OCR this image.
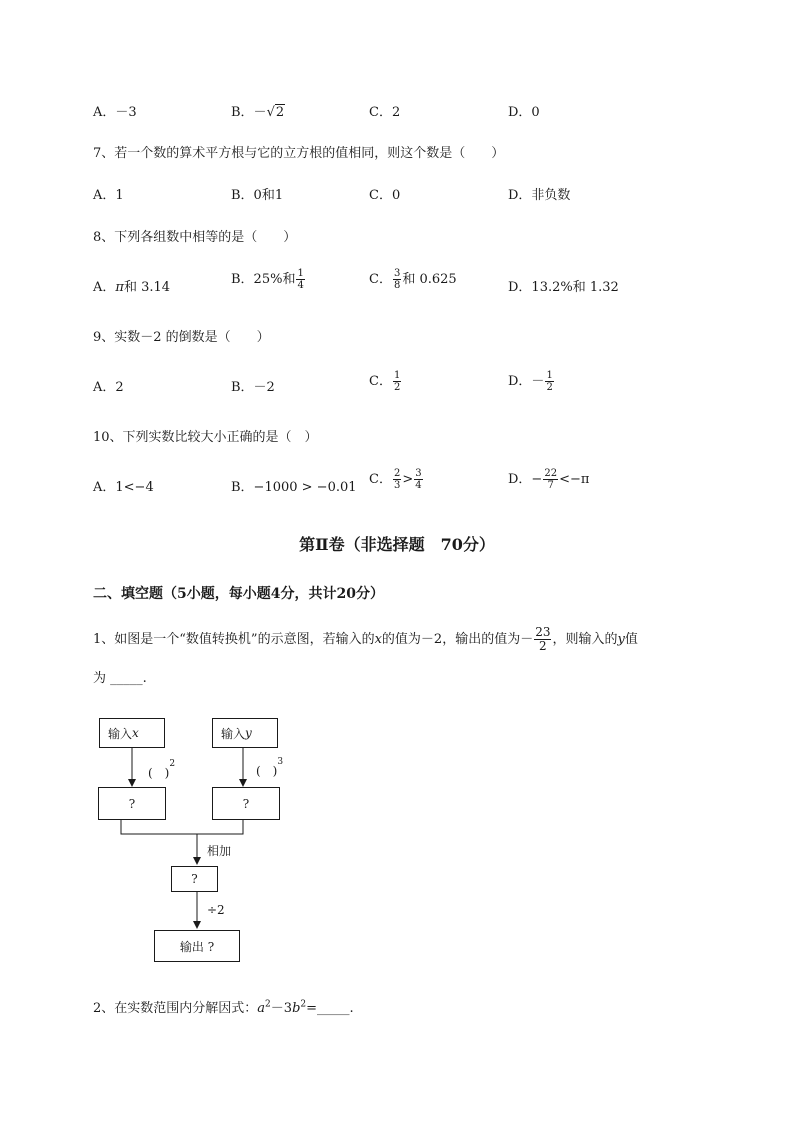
A．－3	B．－√2	C．2	D．0
7、若一个数的算术平方根与它的立方根的值相同，则这个数是（　　）
A．1	B．0和1	C．0	D．非负数
8、下列各组数中相等的是（　　）
A．π和 3.14
B．25%和 $\frac{1}{4}$	C． $\frac{3}{8}$ 和 0.625
D．13.2%和 1.32
9、实数－2 的倒数是（　　）
A．2	B．－2	C． $\frac{1}{2}$	D．－ $\frac{1}{2}$
10、下列实数比较大小正确的是（　）
A．1<−4	B．−1000 > −0.01
C． $\frac{2}{3} > \frac{3}{4}$	D．− $\frac{22}{7} <-\pi$
第Ⅱ卷（非选择题　70分）
二、填空题（5小题，每小题4分，共计20分）
1、如图是一个“数值转换机”的示意图，若输入的x的值为－2，输出的值为－ $\frac{23}{2}$ ，则输入的y值
为 _____.
输入 x	输入 y
(　)$^2$	(　)$^3$
?	?
相加
?
÷2
输出 ?
2、在实数范围内分解因式：$a^2-3b^2=\_\_\_\_\_$.
